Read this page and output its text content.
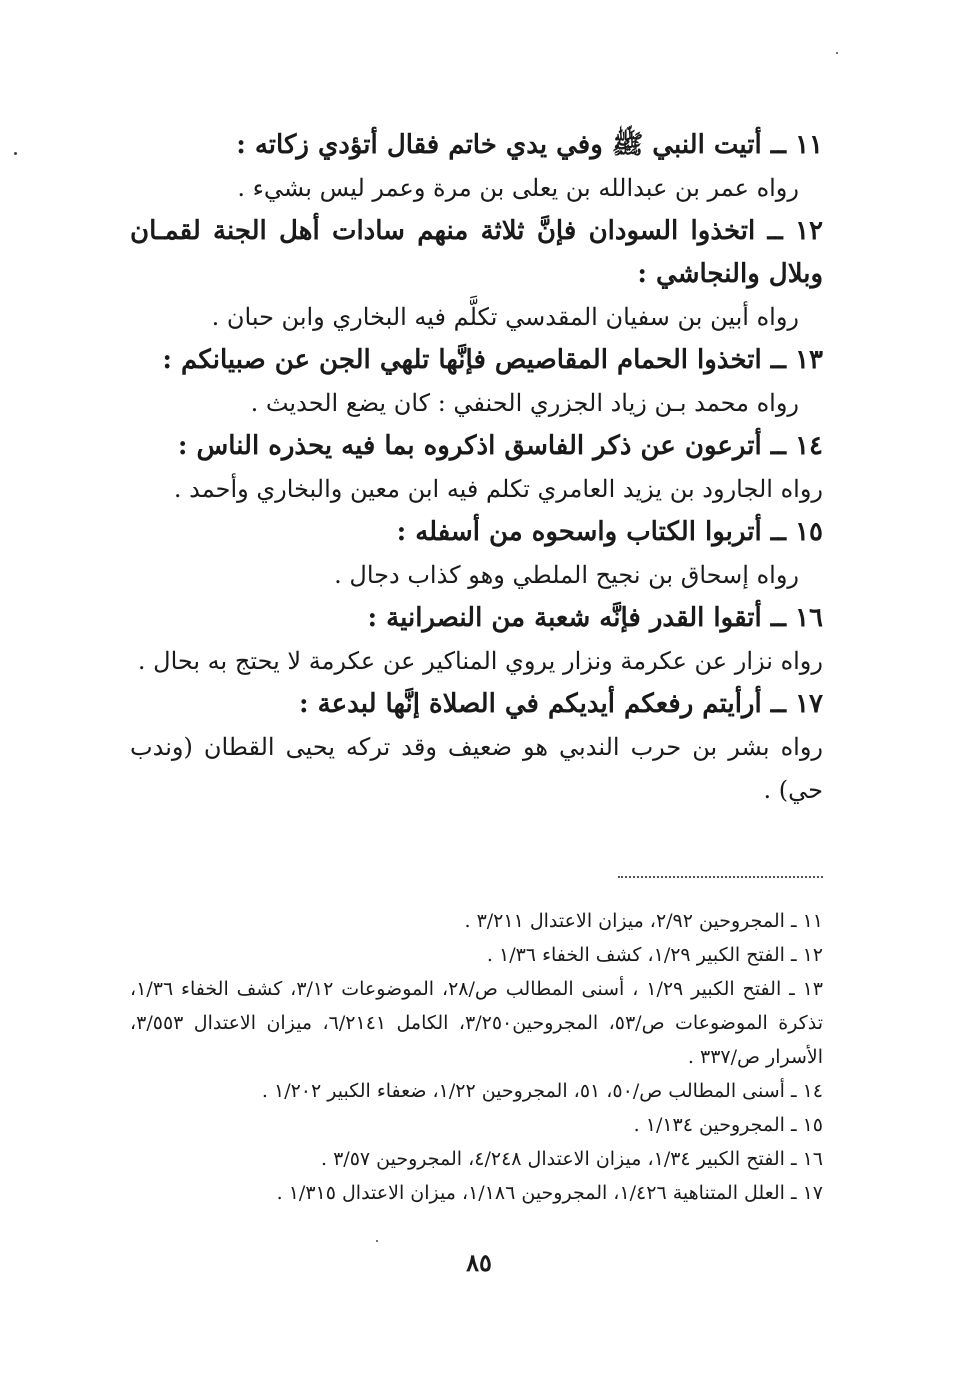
١١ ــ أتيت النبي ﷺ وفي يدي خاتم فقال أتؤدي زكاته :

رواه عمر بن عبدالله بن يعلى بن مرة وعمر ليس بشيء .

١٢ ــ اتخذوا السودان فإنَّ ثلاثة منهم سادات أهل الجنة لقمـان وبلال والنجاشي :

رواه أبين بن سفيان المقدسي تكلَّم فيه البخاري وابن حبان .

١٣ ــ اتخذوا الحمام المقاصيص فإنَّها تلهي الجن عن صبيانكم :

رواه محمد بـن زياد الجزري الحنفي : كان يضع الحديث .

١٤ ــ أترعون عن ذكر الفاسق اذكروه بما فيه يحذره الناس :

رواه الجارود بن يزيد العامري تكلم فيه ابن معين والبخاري وأحمد .

١٥ ــ أتربوا الكتاب واسحوه من أسفله :

رواه إسحاق بن نجيح الملطي وهو كذاب دجال .

١٦ ــ أتقوا القدر فإنَّه شعبة من النصرانية :

رواه نزار عن عكرمة ونزار يروي المناكير عن عكرمة لا يحتج به بحال .

١٧ ــ أرأيتم رفعكم أيديكم في الصلاة إنَّها لبدعة :

رواه بشر بن حرب الندبي هو ضعيف وقد تركه يحيى القطان (وندب حي) .

١١ ـ المجروحين ٢/٩٢، ميزان الاعتدال ٣/٢١١ .

١٢ ـ الفتح الكبير ١/٢٩، كشف الخفاء ١/٣٦ .

١٣ ـ الفتح الكبير ١/٢٩ ، أسنى المطالب ص/٢٨، الموضوعات ٣/١٢، كشف الخفاء ١/٣٦، تذكرة الموضوعات ص/٥٣، المجروحين٣/٢٥٠، الكامل ٦/٢١٤١، ميزان الاعتدال ٣/٥٥٣، الأسرار ص/٣٣٧ .

١٤ ـ أسنى المطالب ص/٥٠، ٥١، المجروحين ١/٢٢، ضعفاء الكبير ١/٢٠٢ .

١٥ ـ المجروحين ١/١٣٤ .

١٦ ـ الفتح الكبير ١/٣٤، ميزان الاعتدال ٤/٢٤٨، المجروحين ٣/٥٧ .

١٧ ـ العلل المتناهية ١/٤٢٦، المجروحين ١/١٨٦، ميزان الاعتدال ١/٣١٥ .

٨٥
